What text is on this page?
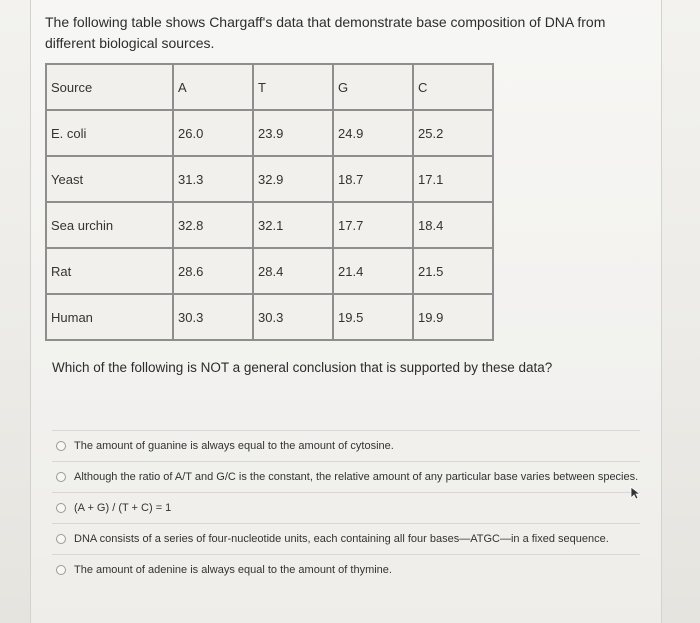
The following table shows Chargaff's data that demonstrate base composition of DNA from different biological sources.
Source	A	T	G	C
E. coli	26.0	23.9	24.9	25.2
Yeast	31.3	32.9	18.7	17.1
Sea urchin	32.8	32.1	17.7	18.4
Rat	28.6	28.4	21.4	21.5
Human	30.3	30.3	19.5	19.9
Which of the following is NOT a general conclusion that is supported by these data?
The amount of guanine is always equal to the amount of cytosine.
Although the ratio of A/T and G/C is the constant, the relative amount of any particular base varies between species.
(A + G) / (T + C) = 1
DNA consists of a series of four-nucleotide units, each containing all four bases—ATGC—in a fixed sequence.
The amount of adenine is always equal to the amount of thymine.
